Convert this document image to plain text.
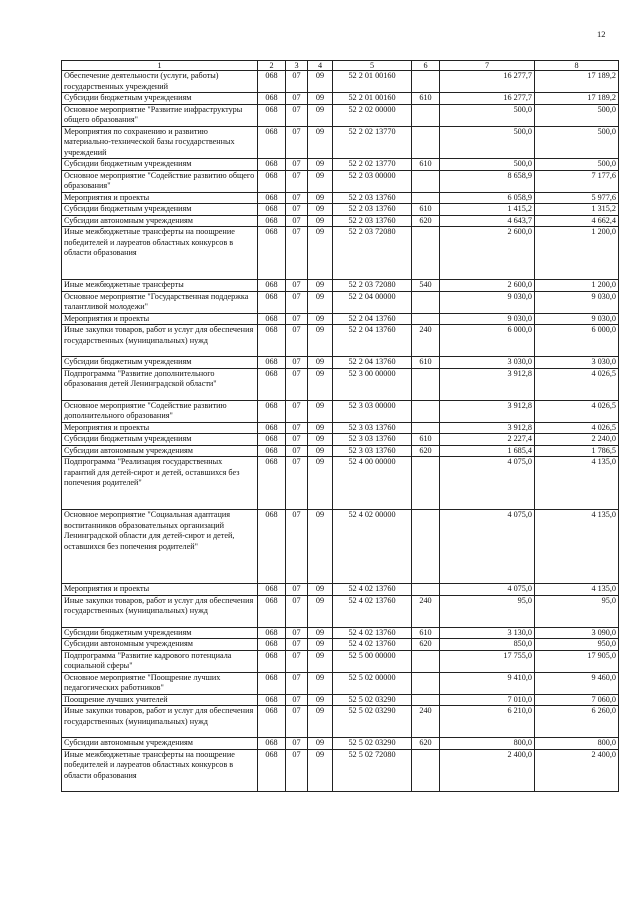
12
1	2	3	4	5	6	7	8
Обеспечение деятельности (услуги, работы) государственных учреждений	068	07	09	52 2 01 00160		16 277,7	17 189,2
Субсидии бюджетным учреждениям	068	07	09	52 2 01 00160	610	16 277,7	17 189,2
Основное мероприятие "Развитие инфраструктуры общего образования"	068	07	09	52 2 02 00000		500,0	500,0
Мероприятия по сохранению и развитию материально-технической базы государственных учреждений	068	07	09	52 2 02 13770		500,0	500,0
Субсидии бюджетным учреждениям	068	07	09	52 2 02 13770	610	500,0	500,0
Основное мероприятие "Содействие развитию общего образования"	068	07	09	52 2 03 00000		8 658,9	7 177,6
Мероприятия и проекты	068	07	09	52 2 03 13760		6 058,9	5 977,6
Субсидии бюджетным учреждениям	068	07	09	52 2 03 13760	610	1 415,2	1 315,2
Субсидии автономным учреждениям	068	07	09	52 2 03 13760	620	4 643,7	4 662,4
Иные межбюджетные трансферты на поощрение победителей и лауреатов областных конкурсов в области образования	068	07	09	52 2 03 72080		2 600,0	1 200,0
Иные межбюджетные трансферты	068	07	09	52 2 03 72080	540	2 600,0	1 200,0
Основное мероприятие "Государственная поддержка талантливой молодежи"	068	07	09	52 2 04 00000		9 030,0	9 030,0
Мероприятия и проекты	068	07	09	52 2 04 13760		9 030,0	9 030,0
Иные закупки товаров, работ и услуг для обеспечения государственных (муниципальных) нужд	068	07	09	52 2 04 13760	240	6 000,0	6 000,0
Субсидии бюджетным учреждениям	068	07	09	52 2 04 13760	610	3 030,0	3 030,0
Подпрограмма "Развитие дополнительного образования детей Ленинградской области"	068	07	09	52 3 00 00000		3 912,8	4 026,5
Основное мероприятие "Содействие развитию дополнительного образования"	068	07	09	52 3 03 00000		3 912,8	4 026,5
Мероприятия и проекты	068	07	09	52 3 03 13760		3 912,8	4 026,5
Субсидии бюджетным учреждениям	068	07	09	52 3 03 13760	610	2 227,4	2 240,0
Субсидии автономным учреждениям	068	07	09	52 3 03 13760	620	1 685,4	1 786,5
Подпрограмма "Реализация государственных гарантий для детей-сирот и детей, оставшихся без попечения родителей"	068	07	09	52 4 00 00000		4 075,0	4 135,0
Основное мероприятие "Социальная адаптация воспитанников образовательных организаций Ленинградской области для детей-сирот и детей, оставшихся без попечения родителей"	068	07	09	52 4 02 00000		4 075,0	4 135,0
Мероприятия и проекты	068	07	09	52 4 02 13760		4 075,0	4 135,0
Иные закупки товаров, работ и услуг для обеспечения государственных (муниципальных) нужд	068	07	09	52 4 02 13760	240	95,0	95,0
Субсидии бюджетным учреждениям	068	07	09	52 4 02 13760	610	3 130,0	3 090,0
Субсидии автономным учреждениям	068	07	09	52 4 02 13760	620	850,0	950,0
Подпрограмма "Развитие кадрового потенциала социальной сферы"	068	07	09	52 5 00 00000		17 755,0	17 905,0
Основное мероприятие "Поощрение лучших педагогических работников"	068	07	09	52 5 02 00000		9 410,0	9 460,0
Поощрение лучших учителей	068	07	09	52 5 02 03290		7 010,0	7 060,0
Иные закупки товаров, работ и услуг для обеспечения государственных (муниципальных) нужд	068	07	09	52 5 02 03290	240	6 210,0	6 260,0
Субсидии автономным учреждениям	068	07	09	52 5 02 03290	620	800,0	800,0
Иные межбюджетные трансферты на поощрение победителей и лауреатов областных конкурсов в области образования	068	07	09	52 5 02 72080		2 400,0	2 400,0
